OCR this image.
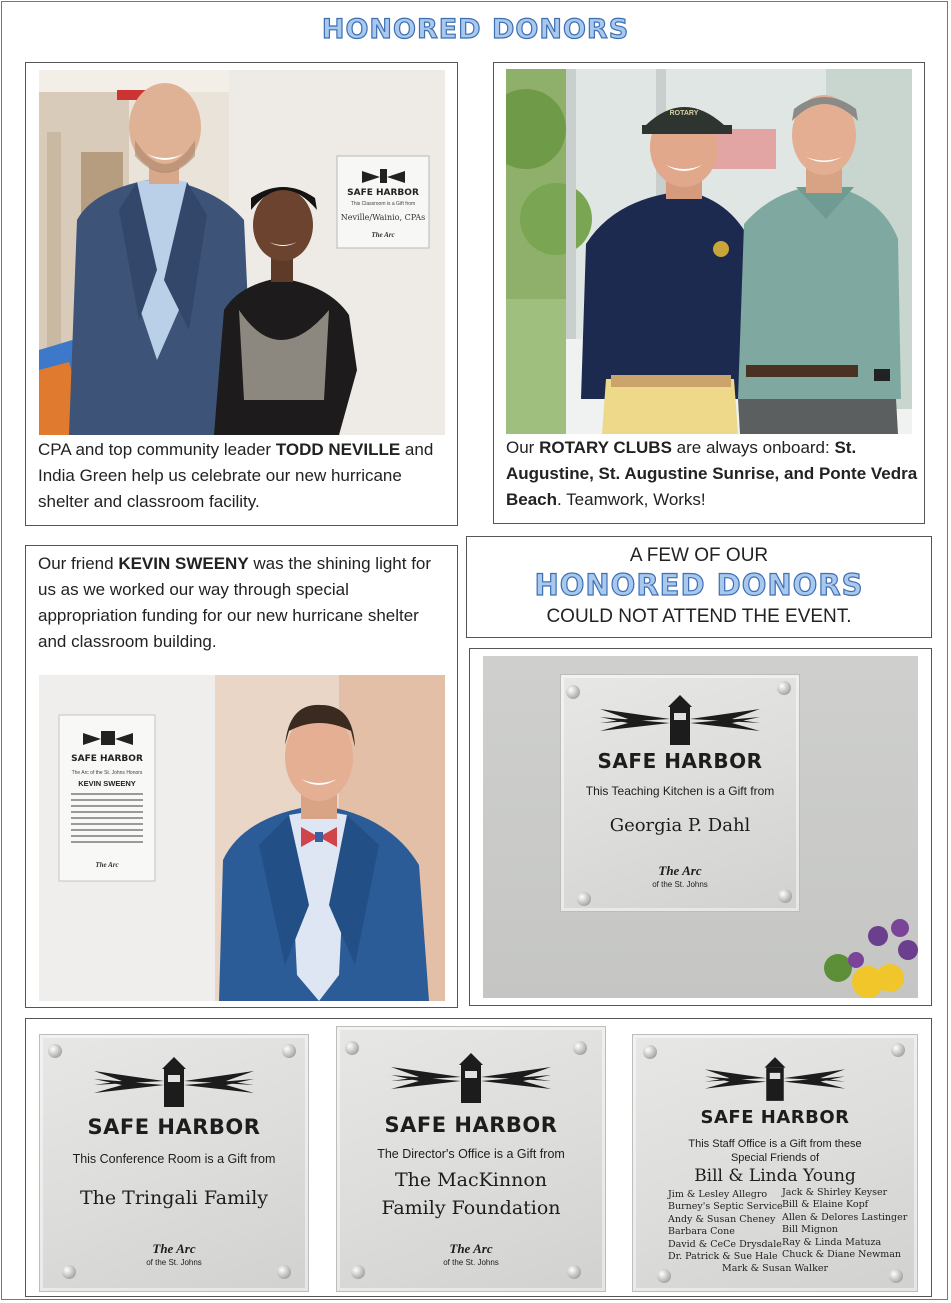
HONORED DONORS
SAFE HARBOR
This Classroom is a Gift from
Neville/Wainio, CPAs
The Arc
CPA and top community leader TODD NEVILLE and India Green help us celebrate our new hurricane shelter and classroom facility.
ROTARY
Our ROTARY CLUBS are always onboard: St. Augustine, St. Augustine Sunrise, and Ponte Vedra Beach. Teamwork, Works!
Our friend KEVIN SWEENY was the shining light for us as we worked our way through special appropriation funding for our new hurricane shelter and classroom building.
SAFE HARBOR
The Arc of the St. Johns Honors
KEVIN SWEENY
The Arc
A FEW OF OUR
HONORED DONORS
COULD NOT ATTEND THE EVENT.
SAFE HARBOR
This Teaching Kitchen is a Gift from
Georgia P. Dahl
The Arc
of the St. Johns
SAFE HARBOR
This Conference Room is a Gift from
The Tringali Family
The Arc
of the St. Johns
SAFE HARBOR
The Director's Office is a Gift from
The MacKinnon
Family Foundation
The Arc
of the St. Johns
SAFE HARBOR
This Staff Office is a Gift from these
Special Friends of
Bill & Linda Young
Jim & Lesley Allegro
Burney's Septic Service
Andy & Susan Cheney
Barbara Cone
David & CeCe Drysdale
Dr. Patrick & Sue Hale
Jack & Shirley Keyser
Bill & Elaine Kopf
Allen & Delores Lastinger
Bill Mignon
Ray & Linda Matuza
Chuck & Diane Newman
Mark & Susan Walker
